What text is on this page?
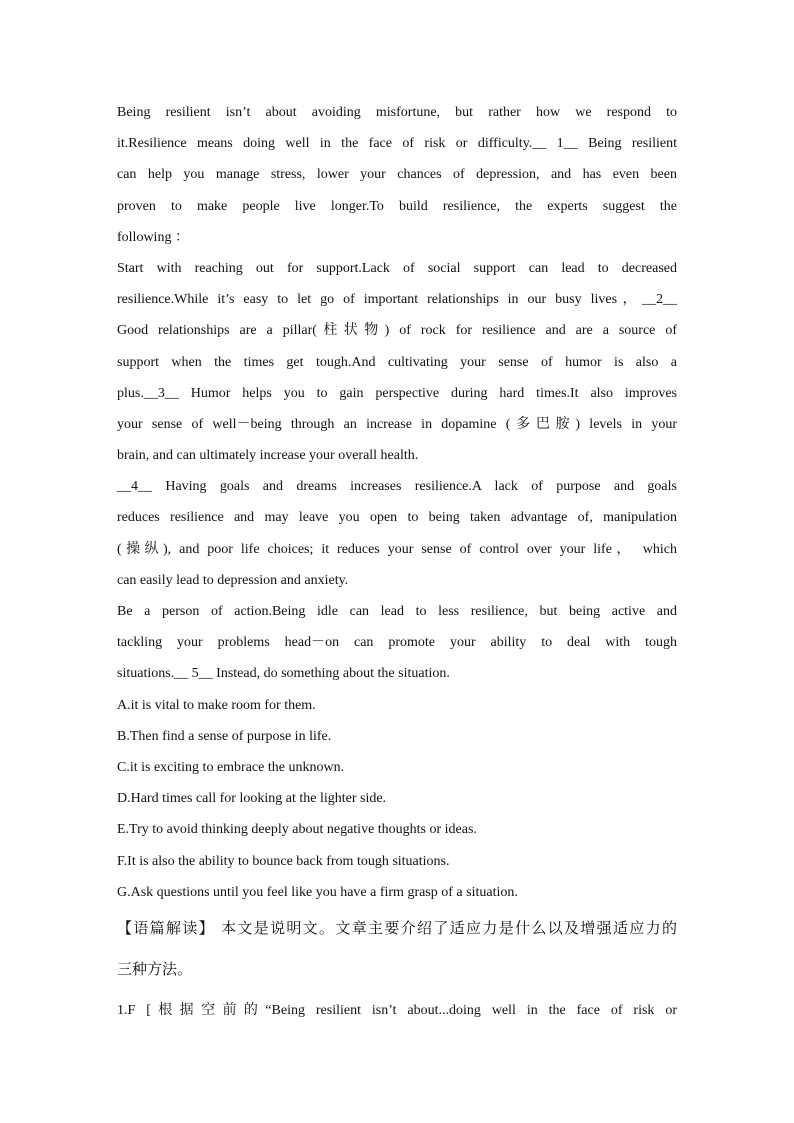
Being resilient isn’t about avoiding misfortune, but rather how we respond to
it.Resilience means doing well in the face of risk or difficulty.__ 1__ Being resilient
can help you manage stress, lower your chances of depression, and has even been
proven to make people live longer.To build resilience, the experts suggest the
following ：
Start with reaching out for support.Lack of social support can lead to decreased
resilience.While it’s easy to let go of important relationships in our busy lives，__2__
Good relationships are a pillar(柱状物) of rock for resilience and are a source of
support when the times get tough.And cultivating your sense of humor is also a
plus.__3__ Humor helps you to gain perspective during hard times.It also improves
your sense of well－being through an increase in dopamine (多巴胺) levels in your
brain, and can ultimately increase your overall health.
__4__ Having goals and dreams increases resilience.A lack of purpose and goals
reduces resilience and may leave you open to being taken advantage of, manipulation
(操纵), and poor life choices; it reduces your sense of control over your life， which
can easily lead to depression and anxiety.
Be a person of action.Being idle can lead to less resilience, but being active and
tackling your problems head－on can promote your ability to deal with tough
situations.__ 5__ Instead, do something about the situation.
A.it is vital to make room for them.
B.Then find a sense of purpose in life.
C.it is exciting to embrace the unknown.
D.Hard times call for looking at the lighter side.
E.Try to avoid thinking deeply about negative thoughts or ideas.
F.It is also the ability to bounce back from tough situations.
G.Ask questions until you feel like you have a firm grasp of a situation.
【语篇解读】 本文是说明文。文章主要介绍了适应力是什么以及增强适应力的
三种方法。
1.F [根据空前的“Being resilient isn’t about...doing well in the face of risk or
